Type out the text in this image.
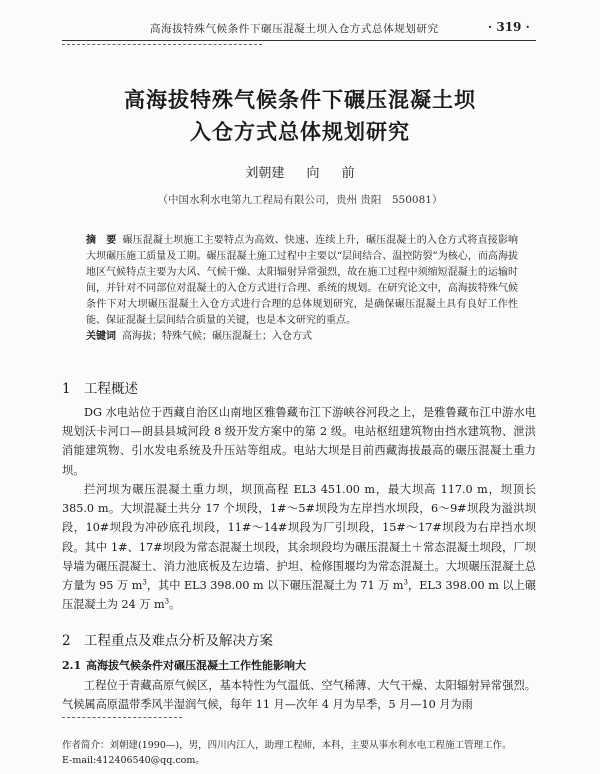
高海拔特殊气候条件下碾压混凝土坝入仓方式总体规划研究	· 319 ·
高海拔特殊气候条件下碾压混凝土坝
入仓方式总体规划研究
刘朝建 向 前
（中国水利水电第九工程局有限公司，贵州 贵阳　550081）
摘　要 碾压混凝土坝施工主要特点为高效、快速、连续上升，碾压混凝土的入仓方式将直接影响大坝碾压施工质量及工期。碾压混凝土施工过程中主要以“层间结合、温控防裂”为核心，而高海拔地区气候特点主要为大风、气候干燥、太阳辐射异常强烈，故在施工过程中须缩短混凝土的运输时间，并针对不同部位对混凝土的入仓方式进行合理、系统的规划。在研究论文中，高海拔特殊气候条件下对大坝碾压混凝土入仓方式进行合理的总体规划研究，是确保碾压混凝土具有良好工作性能、保证混凝土层间结合质量的关键，也是本文研究的重点。
关键词 高海拔；特殊气候；碾压混凝土；入仓方式
1 工程概述
DG 水电站位于西藏自治区山南地区雅鲁藏布江下游峡谷河段之上，是雅鲁藏布江中游水电规划沃卡河口—朗县县城河段 8 级开发方案中的第 2 级。电站枢纽建筑物由挡水建筑物、泄洪消能建筑物、引水发电系统及升压站等组成。电站大坝是目前西藏海拔最高的碾压混凝土重力坝。
拦河坝为碾压混凝土重力坝，坝顶高程 EL3 451.00 m，最大坝高 117.0 m，坝顶长 385.0 m。大坝混凝土共分 17 个坝段，1#～5#坝段为左岸挡水坝段，6～9#坝段为溢洪坝段，10#坝段为冲砂底孔坝段，11#～14#坝段为厂引坝段，15#～17#坝段为右岸挡水坝段。其中 1#、17#坝段为常态混凝土坝段，其余坝段均为碾压混凝土＋常态混凝土坝段，厂坝导墙为碾压混凝土、消力池底板及左边墙、护坦、检修围堰均为常态混凝土。大坝碾压混凝土总方量为 95 万 $m^3$，其中 EL3 398.00 m 以下碾压混凝土为 71 万 $m^3$，EL3 398.00 m 以上碾压混凝土为 24 万 $m^3$。
2 工程重点及难点分析及解决方案
2.1 高海拔气候条件对碾压混凝土工作性能影响大
工程位于青藏高原气候区，基本特性为气温低、空气稀薄、大气干燥、太阳辐射异常强烈。气候属高原温带季风半湿润气候，每年 11 月—次年 4 月为旱季，5 月—10 月为雨
作者简介：刘朝建(1990—)，男，四川内江人，助理工程师，本科，主要从事水利水电工程施工管理工作。
E-mail:412406540@qq.com。
